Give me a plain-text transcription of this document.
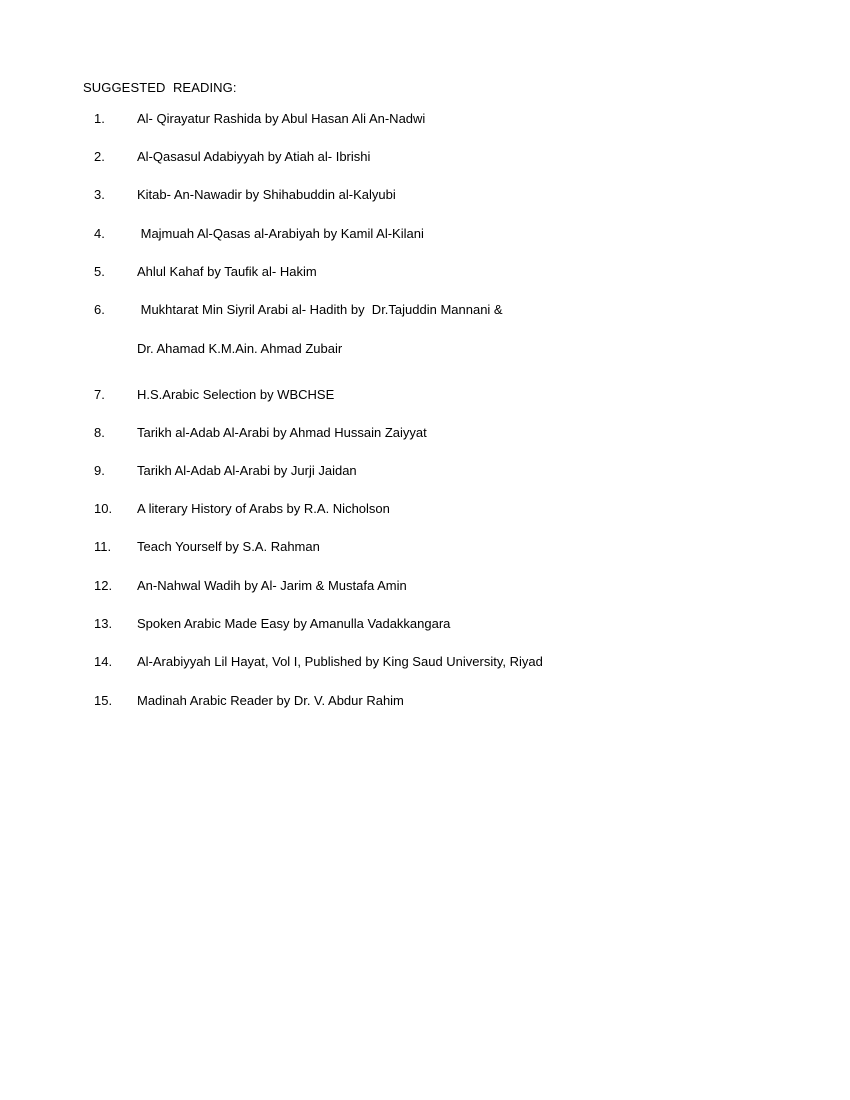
SUGGESTED  READING:
1. Al- Qirayatur Rashida by Abul Hasan Ali An-Nadwi
2. Al-Qasasul Adabiyyah by Atiah al- Ibrishi
3. Kitab- An-Nawadir by Shihabuddin al-Kalyubi
4. Majmuah Al-Qasas al-Arabiyah by Kamil Al-Kilani
5. Ahlul Kahaf by Taufik al- Hakim
6. Mukhtarat Min Siyril Arabi al- Hadith by  Dr.Tajuddin Mannani &
Dr. Ahamad K.M.Ain. Ahmad Zubair
7. H.S.Arabic Selection by WBCHSE
8. Tarikh al-Adab Al-Arabi by Ahmad Hussain Zaiyyat
9. Tarikh Al-Adab Al-Arabi by Jurji Jaidan
10. A literary History of Arabs by R.A. Nicholson
11. Teach Yourself by S.A. Rahman
12. An-Nahwal Wadih by Al- Jarim & Mustafa Amin
13. Spoken Arabic Made Easy by Amanulla Vadakkangara
14. Al-Arabiyyah Lil Hayat, Vol I, Published by King Saud University, Riyad
15. Madinah Arabic Reader by Dr. V. Abdur Rahim
